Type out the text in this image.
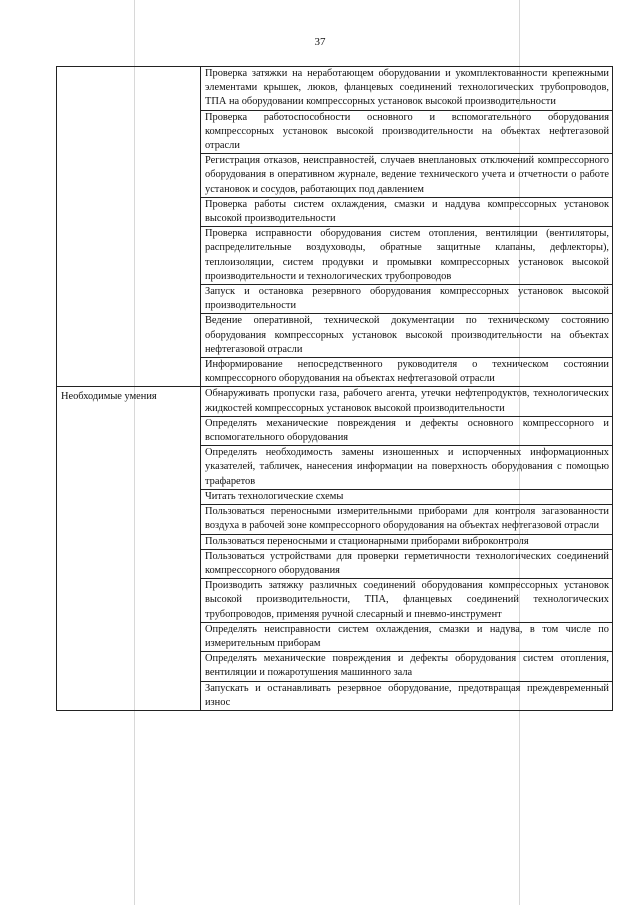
37

	Проверка затяжки на неработающем оборудовании и укомплектованности крепежными элементами крышек, люков, фланцевых соединений технологических трубопроводов, ТПА на оборудовании компрессорных установок высокой производительности

	Проверка работоспособности основного и вспомогательного оборудования компрессорных установок высокой производительности на объектах нефтегазовой отрасли

	Регистрация отказов, неисправностей, случаев внеплановых отключений компрессорного оборудования в оперативном журнале, ведение технического учета и отчетности о работе установок и сосудов, работающих под давлением

	Проверка работы систем охлаждения, смазки и наддува компрессорных установок высокой производительности

	Проверка исправности оборудования систем отопления, вентиляции (вентиляторы, распределительные воздуховоды, обратные защитные клапаны, дефлекторы), теплоизоляции, систем продувки и промывки компрессорных установок высокой производительности и технологических трубопроводов

	Запуск и остановка резервного оборудования компрессорных установок высокой производительности

	Ведение оперативной, технической документации по техническому состоянию оборудования компрессорных установок высокой производительности на объектах нефтегазовой отрасли

	Информирование непосредственного руководителя о техническом состоянии компрессорного оборудования на объектах нефтегазовой отрасли

Необходимые умения	Обнаруживать пропуски газа, рабочего агента, утечки нефтепродуктов, технологических жидкостей компрессорных установок высокой производительности

	Определять механические повреждения и дефекты основного компрессорного и вспомогательного оборудования

	Определять необходимость замены изношенных и испорченных информационных указателей, табличек, нанесения информации на поверхность оборудования с помощью трафаретов

	Читать технологические схемы

	Пользоваться переносными измерительными приборами для контроля загазованности воздуха в рабочей зоне компрессорного оборудования на объектах нефтегазовой отрасли

	Пользоваться переносными и стационарными приборами виброконтроля

	Пользоваться устройствами для проверки герметичности технологических соединений компрессорного оборудования

	Производить затяжку различных соединений оборудования компрессорных установок высокой производительности, ТПА, фланцевых соединений технологических трубопроводов, применяя ручной слесарный и пневмо-инструмент

	Определять неисправности систем охлаждения, смазки и надува, в том числе по измерительным приборам

	Определять механические повреждения и дефекты оборудования систем отопления, вентиляции и пожаротушения машинного зала

	Запускать и останавливать резервное оборудование, предотвращая преждевременный износ
